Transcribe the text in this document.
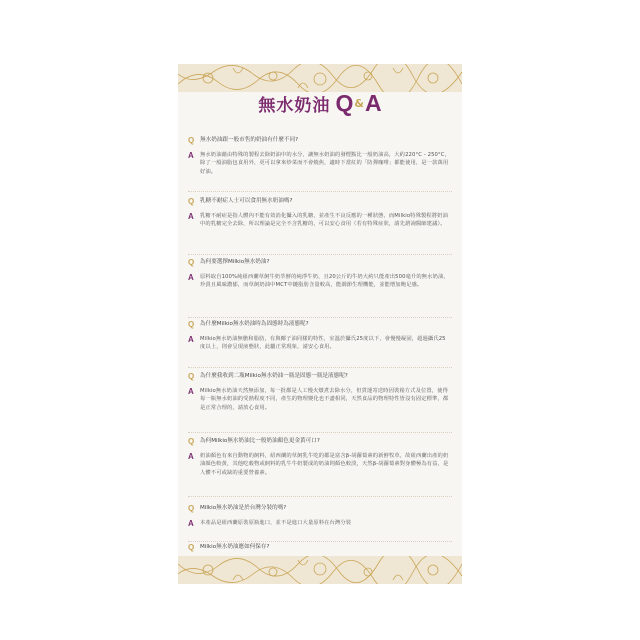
無水奶油 Q&A
Q 無水奶油跟一般市售的奶油有什麼不同?
A 無水奶油藉由特殊的製程去除奶油中的水分，讓無水奶油的發煙點比一般奶油高，大約220°C - 250°C，除了一般油脂包食用外，更可以拿來炒菜而不會燒焦，適時下當紅的「防彈咖啡」都能使用，是一款萬用好油。
Q 乳糖不耐症人士可以食用無水奶油嗎?
A 乳糖不耐症是指人體內不能有效消化攝入的乳糖，並產生不良反應的一種狀態，而Milkio特殊製程將奶油中的乳糖完全去除，所以理論是完全不含乳糖的，可以安心食用（若有特殊症狀，請先諮詢醫師建議）。
Q 為何要選擇Milkio無水奶油?
A 原料取自100%純紐西蘭草飼牛奶萃鮮的純淨牛奶，且20公斤的牛奶大約只能產出500毫升的無水奶油，珍貴且風味濃郁，而草飼奶油中MCT中鏈脂肪含量較高，能調節生理機能，並能增加飽足感。
Q 為什麼Milkio無水奶油時為固態時為液態呢?
A Milkio無水奶油無膽和脂肪，有與椰子油同樣的特性，室溫於攝氏25度以下，會慢慢凝固，超過攝氏25度以上，則會呈現液態狀，此屬正常現象，請安心食用。
Q 為什麼我收到二瓶Milkio無水奶油一瓶是固態一瓶是液態呢?
A Milkio無水奶油天然無添加，每一批都是人工慢火燉煮去除水分，但貨運寄送時因裝箱方式及位置，使得每一瓶無水奶油的受熱程度不同，產生的物理變化也不盡相同，天然食品的物理特性皆沒有固定標準，都是正常合理的，請放心食用。
Q 為何Milkio無水奶油比一般奶油顏色更金黃可口?
A 奶油顏色有來自動物的飼料，紐西蘭的草飼乳牛吃的都是富含β-胡蘿蔔素的新鮮牧草，故紐西蘭出產的奶油顏色較黃，其他吃穀物或飼料的乳牛牛奶製成的奶油則顏色較淡，天然β-胡蘿蔔素對身體極為有益，是人體不可或缺的重要營養素。
Q Milkio無水奶油是於台灣分裝的嗎?
A 本產品是紐西蘭原裝原瓶進口，並不是進口大量原料在台灣分裝
Q Milkio無水奶油應如何保存?
